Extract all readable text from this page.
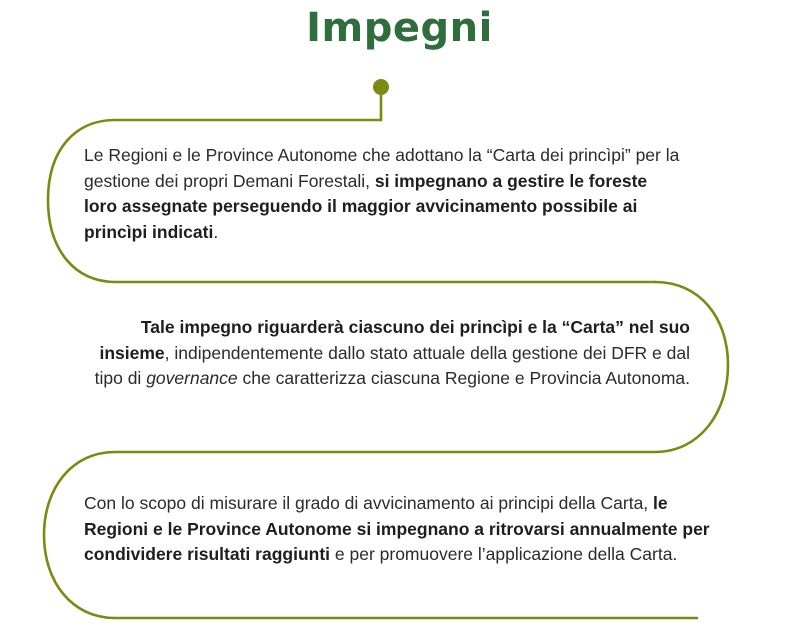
Impegni
Le Regioni e le Province Autonome che adottano la “Carta dei princìpi” per la gestione dei propri Demani Forestali, si impegnano a gestire le foreste loro assegnate perseguendo il maggior avvicinamento possibile ai princìpi indicati.
Tale impegno riguarderà ciascuno dei princìpi e la “Carta” nel suo insieme, indipendentemente dallo stato attuale della gestione dei DFR e dal tipo di governance che caratterizza ciascuna Regione e Provincia Autonoma.
Con lo scopo di misurare il grado di avvicinamento ai principi della Carta, le Regioni e le Province Autonome si impegnano a ritrovarsi annualmente per condividere risultati raggiunti e per promuovere l’applicazione della Carta.
